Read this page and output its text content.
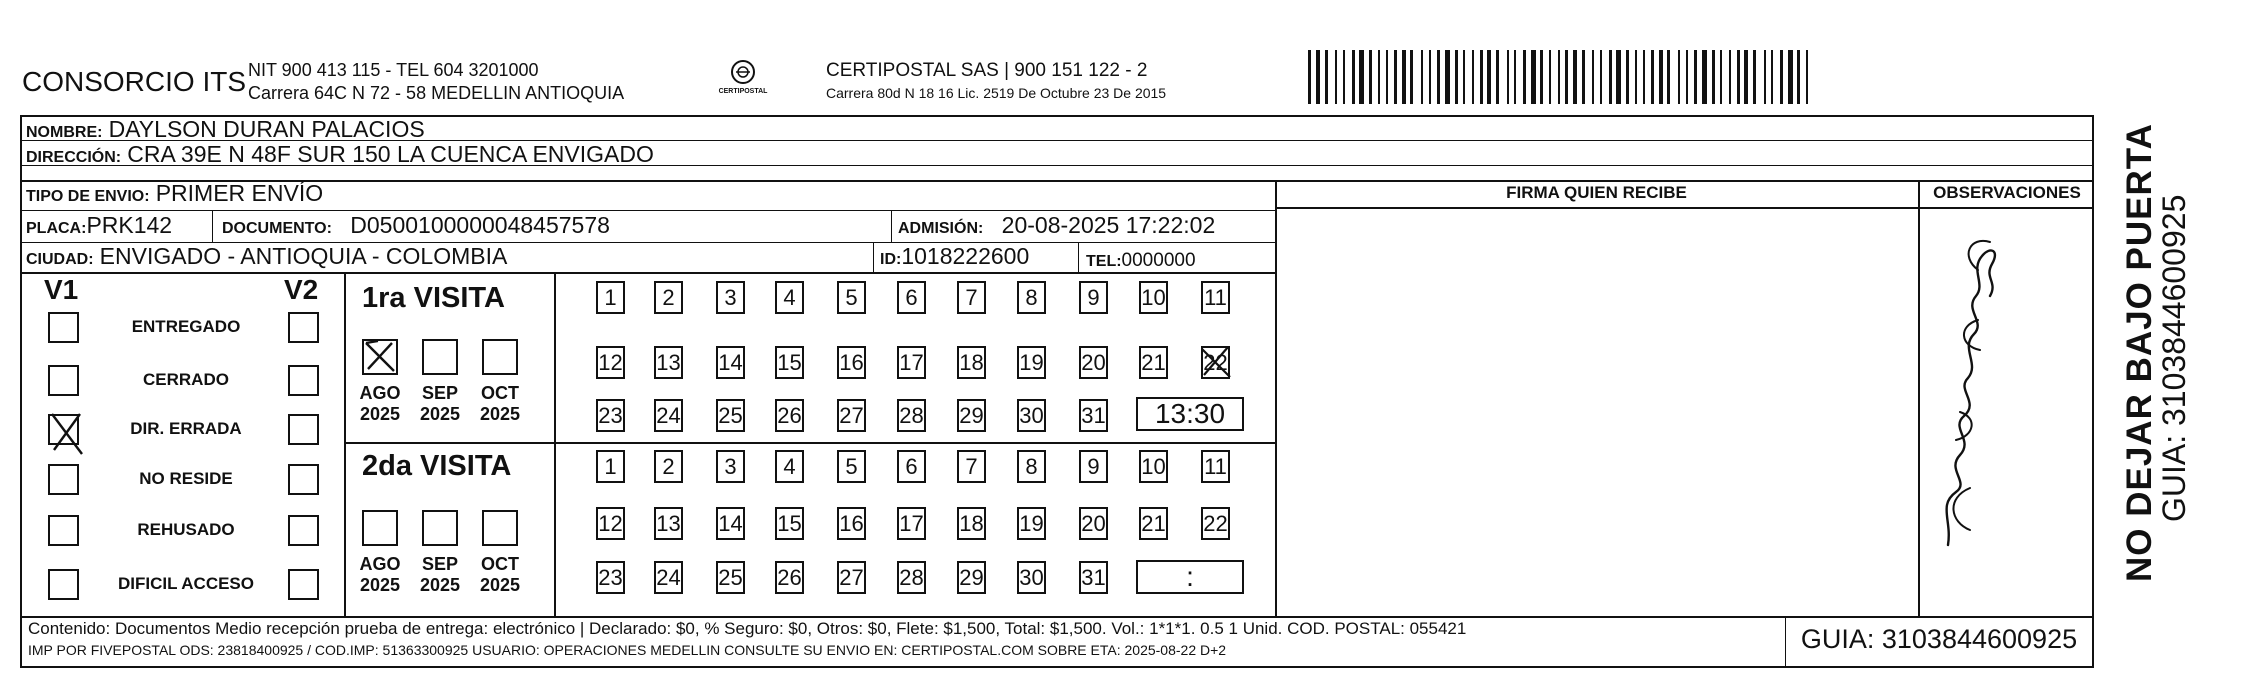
CONSORCIO ITS NIT 900 413 115 - TEL 604 3201000
Carrera 64C N 72 - 58 MEDELLIN ANTIOQUIA	CERTIPOSTAL
CERTIPOSTAL SAS | 900 151 122 - 2
Carrera 80d N 18 16 Lic. 2519 De Octubre 23 De 2015
NOMBRE: DAYLSON DURAN PALACIOS
DIRECCIÓN: CRA 39E N 48F SUR 150 LA CUENCA ENVIGADO
TIPO DE ENVIO: PRIMER ENVÍO	FIRMA QUIEN RECIBE	OBSERVACIONES
PLACA:PRK142	DOCUMENTO: D0500100000048457578	ADMISIÓN: 20-08-2025 17:22:02
CIUDAD: ENVIGADO - ANTIOQUIA - COLOMBIA	ID:1018222600	TEL:0000000
V1	V2
ENTREGADO
CERRADO
DIR. ERRADA
NO RESIDE
REHUSADO
DIFICIL ACCESO
1ra VISITA
AGO
2025
SEP
2025
OCT
2025
1	2	3	4	5	6	7	8	9	10 11
12 13 14 15 16 17 18 19 20 21 22
23 24 25 26 27 28 29 30 31	13:30
2da VISITA
AGO
2025
SEP
2025
OCT
2025
1	2	3	4	5	6	7	8	9	10 11
12 13 14 15 16 17 18 19 20 21 22
23 24 25 26 27 28 29 30 31	:
Contenido: Documentos Medio recepción prueba de entrega: electrónico | Declarado: $0, % Seguro: $0, Otros: $0, Flete: $1,500, Total: $1,500. Vol.: 1*1*1. 0.5 1 Unid. COD. POSTAL: 055421
IMP POR FIVEPOSTAL ODS: 23818400925 / COD.IMP: 51363300925 USUARIO: OPERACIONES MEDELLIN CONSULTE SU ENVIO EN: CERTIPOSTAL.COM SOBRE ETA: 2025-08-22 D+2	GUIA: 3103844600925
NO DEJAR BAJO PUERTA
GUIA: 3103844600925
